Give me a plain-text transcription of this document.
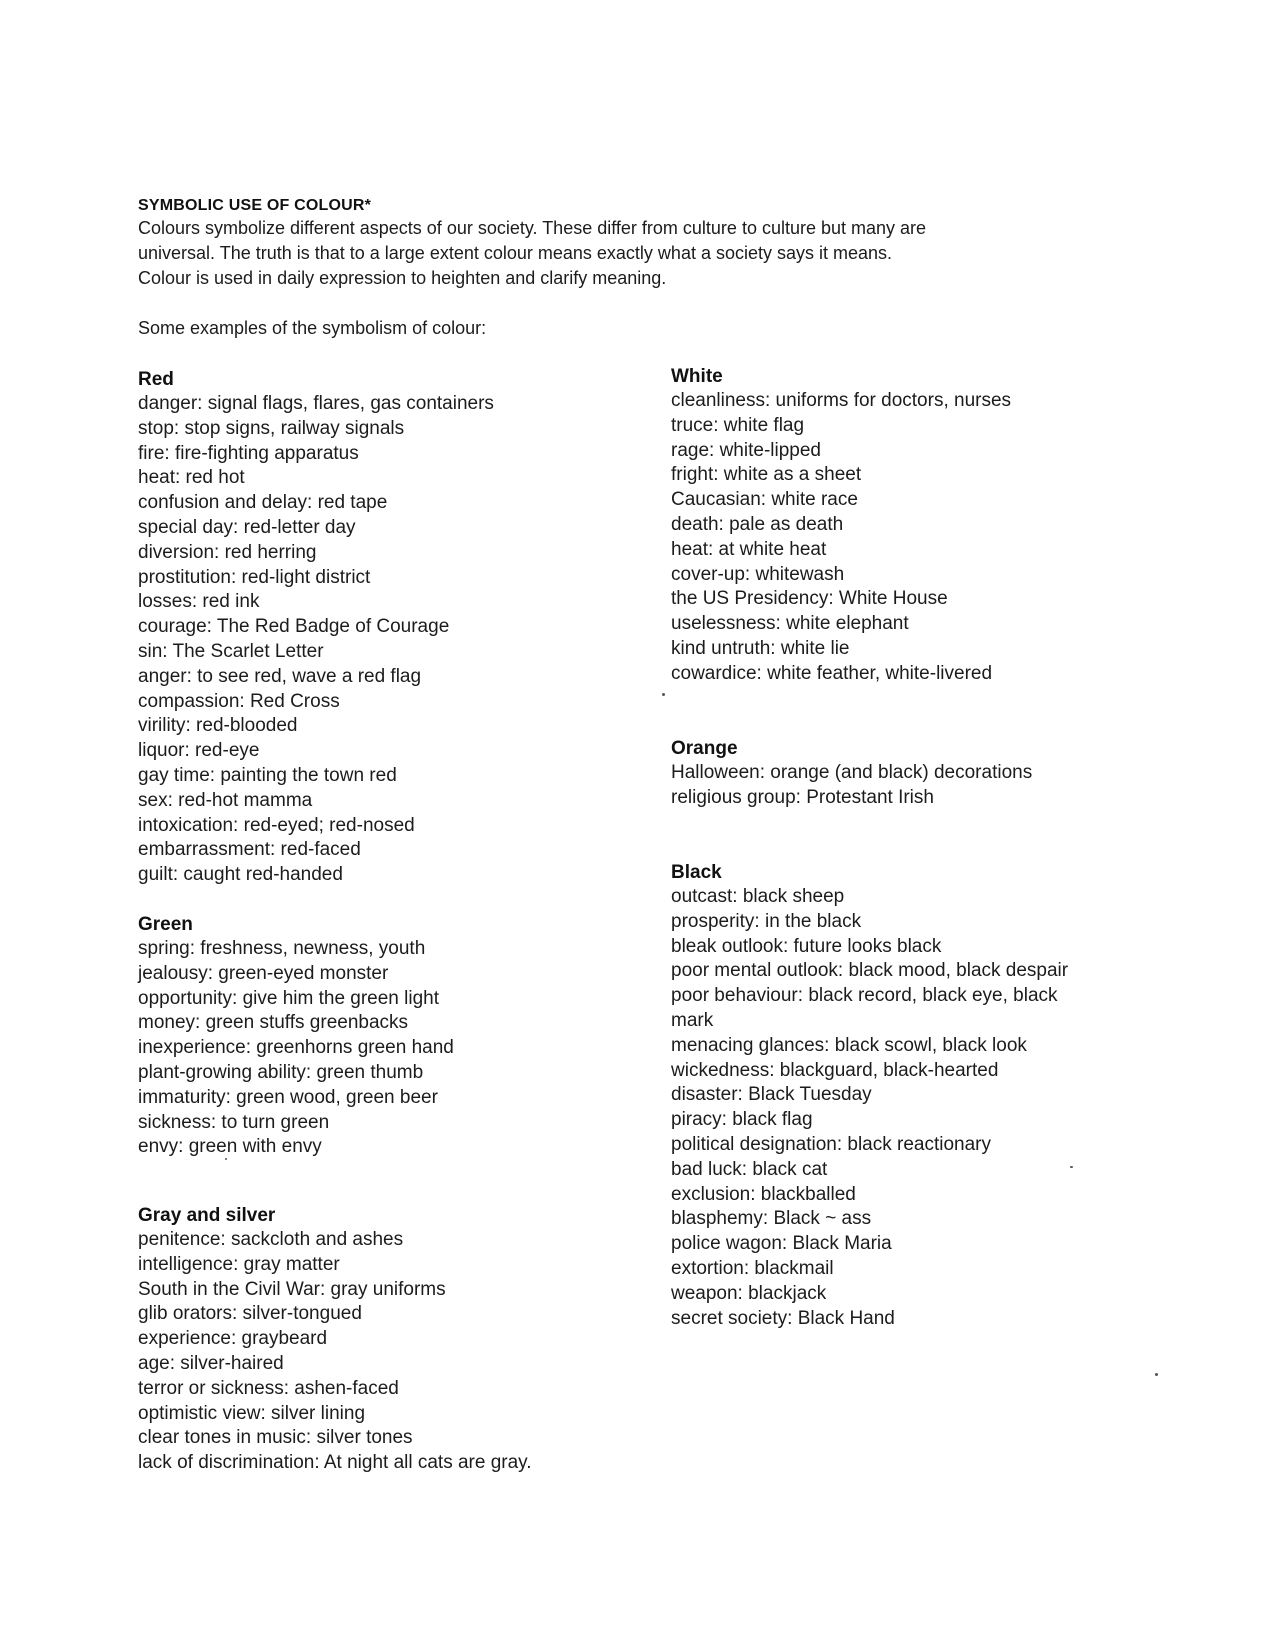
SYMBOLIC USE OF COLOUR*
Colours symbolize different aspects of our society. These differ from culture to culture but many are
universal. The truth is that to a large extent colour means exactly what a society says it means.
Colour is used in daily expression to heighten and clarify meaning.
Some examples of the symbolism of colour:
Red
danger: signal flags, flares, gas containers
stop: stop signs, railway signals
fire: fire-fighting apparatus
heat: red hot
confusion and delay: red tape
special day: red-letter day
diversion: red herring
prostitution: red-light district
losses: red ink
courage: The Red Badge of Courage
sin: The Scarlet Letter
anger: to see red, wave a red flag
compassion: Red Cross
virility: red-blooded
liquor: red-eye
gay time: painting the town red
sex: red-hot mamma
intoxication: red-eyed; red-nosed
embarrassment: red-faced
guilt: caught red-handed
Green
spring: freshness, newness, youth
jealousy: green-eyed monster
opportunity: give him the green light
money: green stuffs greenbacks
inexperience: greenhorns green hand
plant-growing ability: green thumb
immaturity: green wood, green beer
sickness: to turn green
envy: green with envy
Gray and silver
penitence: sackcloth and ashes
intelligence: gray matter
South in the Civil War: gray uniforms
glib orators: silver-tongued
experience: graybeard
age: silver-haired
terror or sickness: ashen-faced
optimistic view: silver lining
clear tones in music: silver tones
lack of discrimination: At night all cats are gray.
White
cleanliness: uniforms for doctors, nurses
truce: white flag
rage: white-lipped
fright: white as a sheet
Caucasian: white race
death: pale as death
heat: at white heat
cover-up: whitewash
the US Presidency: White House
uselessness: white elephant
kind untruth: white lie
cowardice: white feather, white-livered
Orange
Halloween: orange (and black) decorations
religious group: Protestant Irish
Black
outcast: black sheep
prosperity: in the black
bleak outlook: future looks black
poor mental outlook: black mood, black despair
poor behaviour: black record, black eye, black mark
menacing glances: black scowl, black look
wickedness: blackguard, black-hearted
disaster: Black Tuesday
piracy: black flag
political designation: black reactionary
bad luck: black cat
exclusion: blackballed
blasphemy: Black ~ ass
police wagon: Black Maria
extortion: blackmail
weapon: blackjack
secret society: Black Hand
